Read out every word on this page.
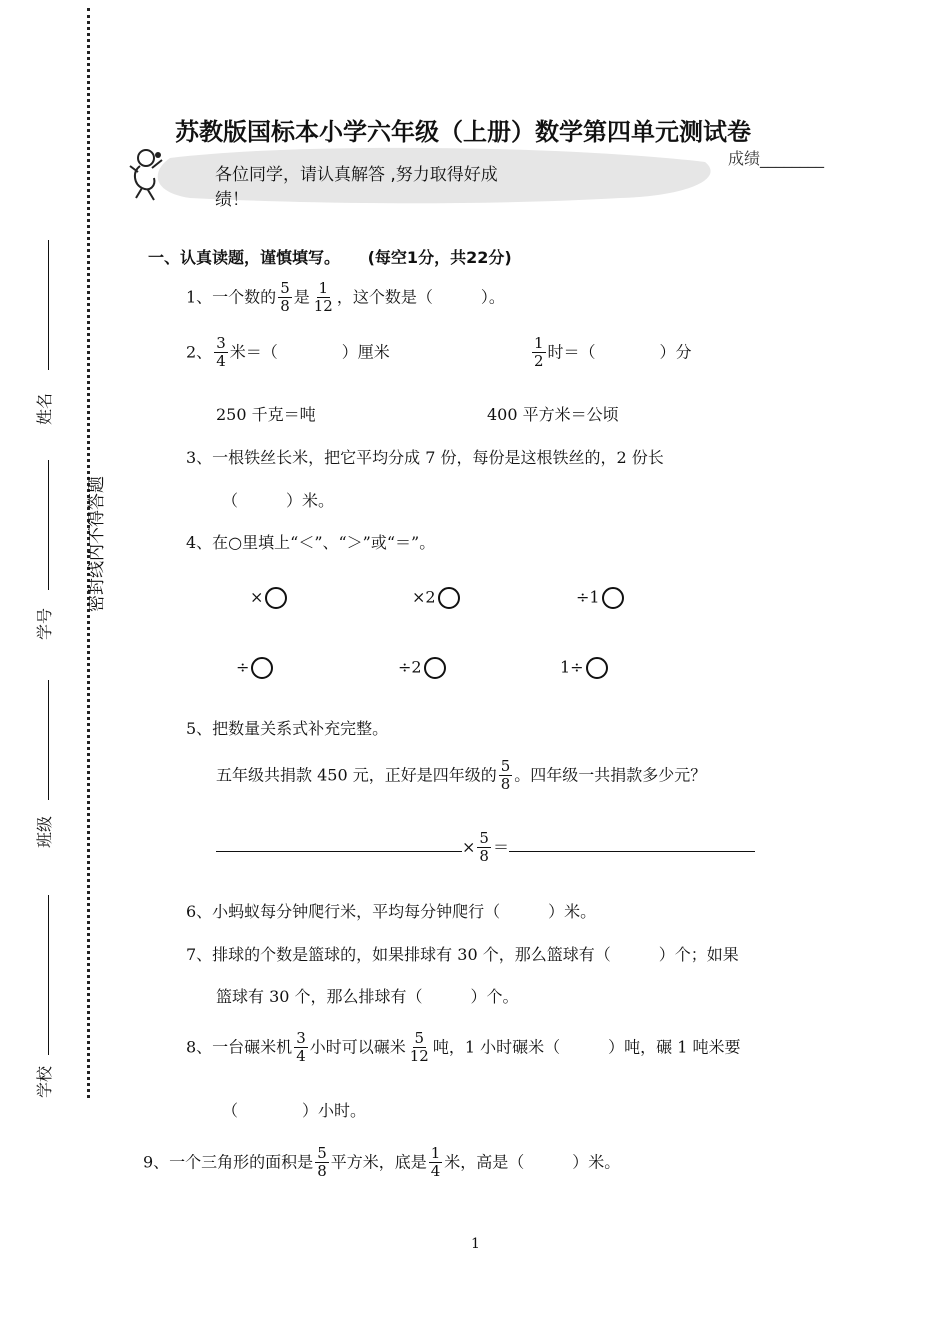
密封线内不得答题
姓名
学号
班级
学校
苏教版国标本小学六年级（上册）数学第四单元测试卷
成绩________
各位同学，请认真解答 ,努力取得好成
绩！
一、认真读题，谨慎填写。 (每空1分，共22分)
1、一个数的 $\frac{5}{8}$ 是 $\frac{1}{12}$ ，这个数是（　　　）。
2、 $\frac{3}{4}$ 米＝（　　　　）厘米	$\frac{1}{2}$ 时＝（　　　　）分
250 千克＝吨	400 平方米＝公顷
3、一根铁丝长米，把它平均分成 7 份，每份是这根铁丝的，2 份长
（　　　）米。
4、在○里填上“＜”、“＞”或“＝”。
×	×2	÷1
÷	÷2	1÷
5、把数量关系式补充完整。
五年级共捐款 450 元，正好是四年级的 $\frac{5}{8}$ 。四年级一共捐款多少元？
× $\frac{5}{8}$ ＝
6、小蚂蚁每分钟爬行米，平均每分钟爬行（　　　）米。
7、排球的个数是篮球的，如果排球有 30 个，那么篮球有（　　　）个；如果
篮球有 30 个，那么排球有（　　　）个。
8、一台碾米机 $\frac{3}{4}$ 小时可以碾米 $\frac{5}{12}$ 吨，1 小时碾米（　　　）吨，碾 1 吨米要
（　　　　）小时。
9、一个三角形的面积是 $\frac{5}{8}$ 平方米，底是 $\frac{1}{4}$ 米，高是（　　　）米。
1
